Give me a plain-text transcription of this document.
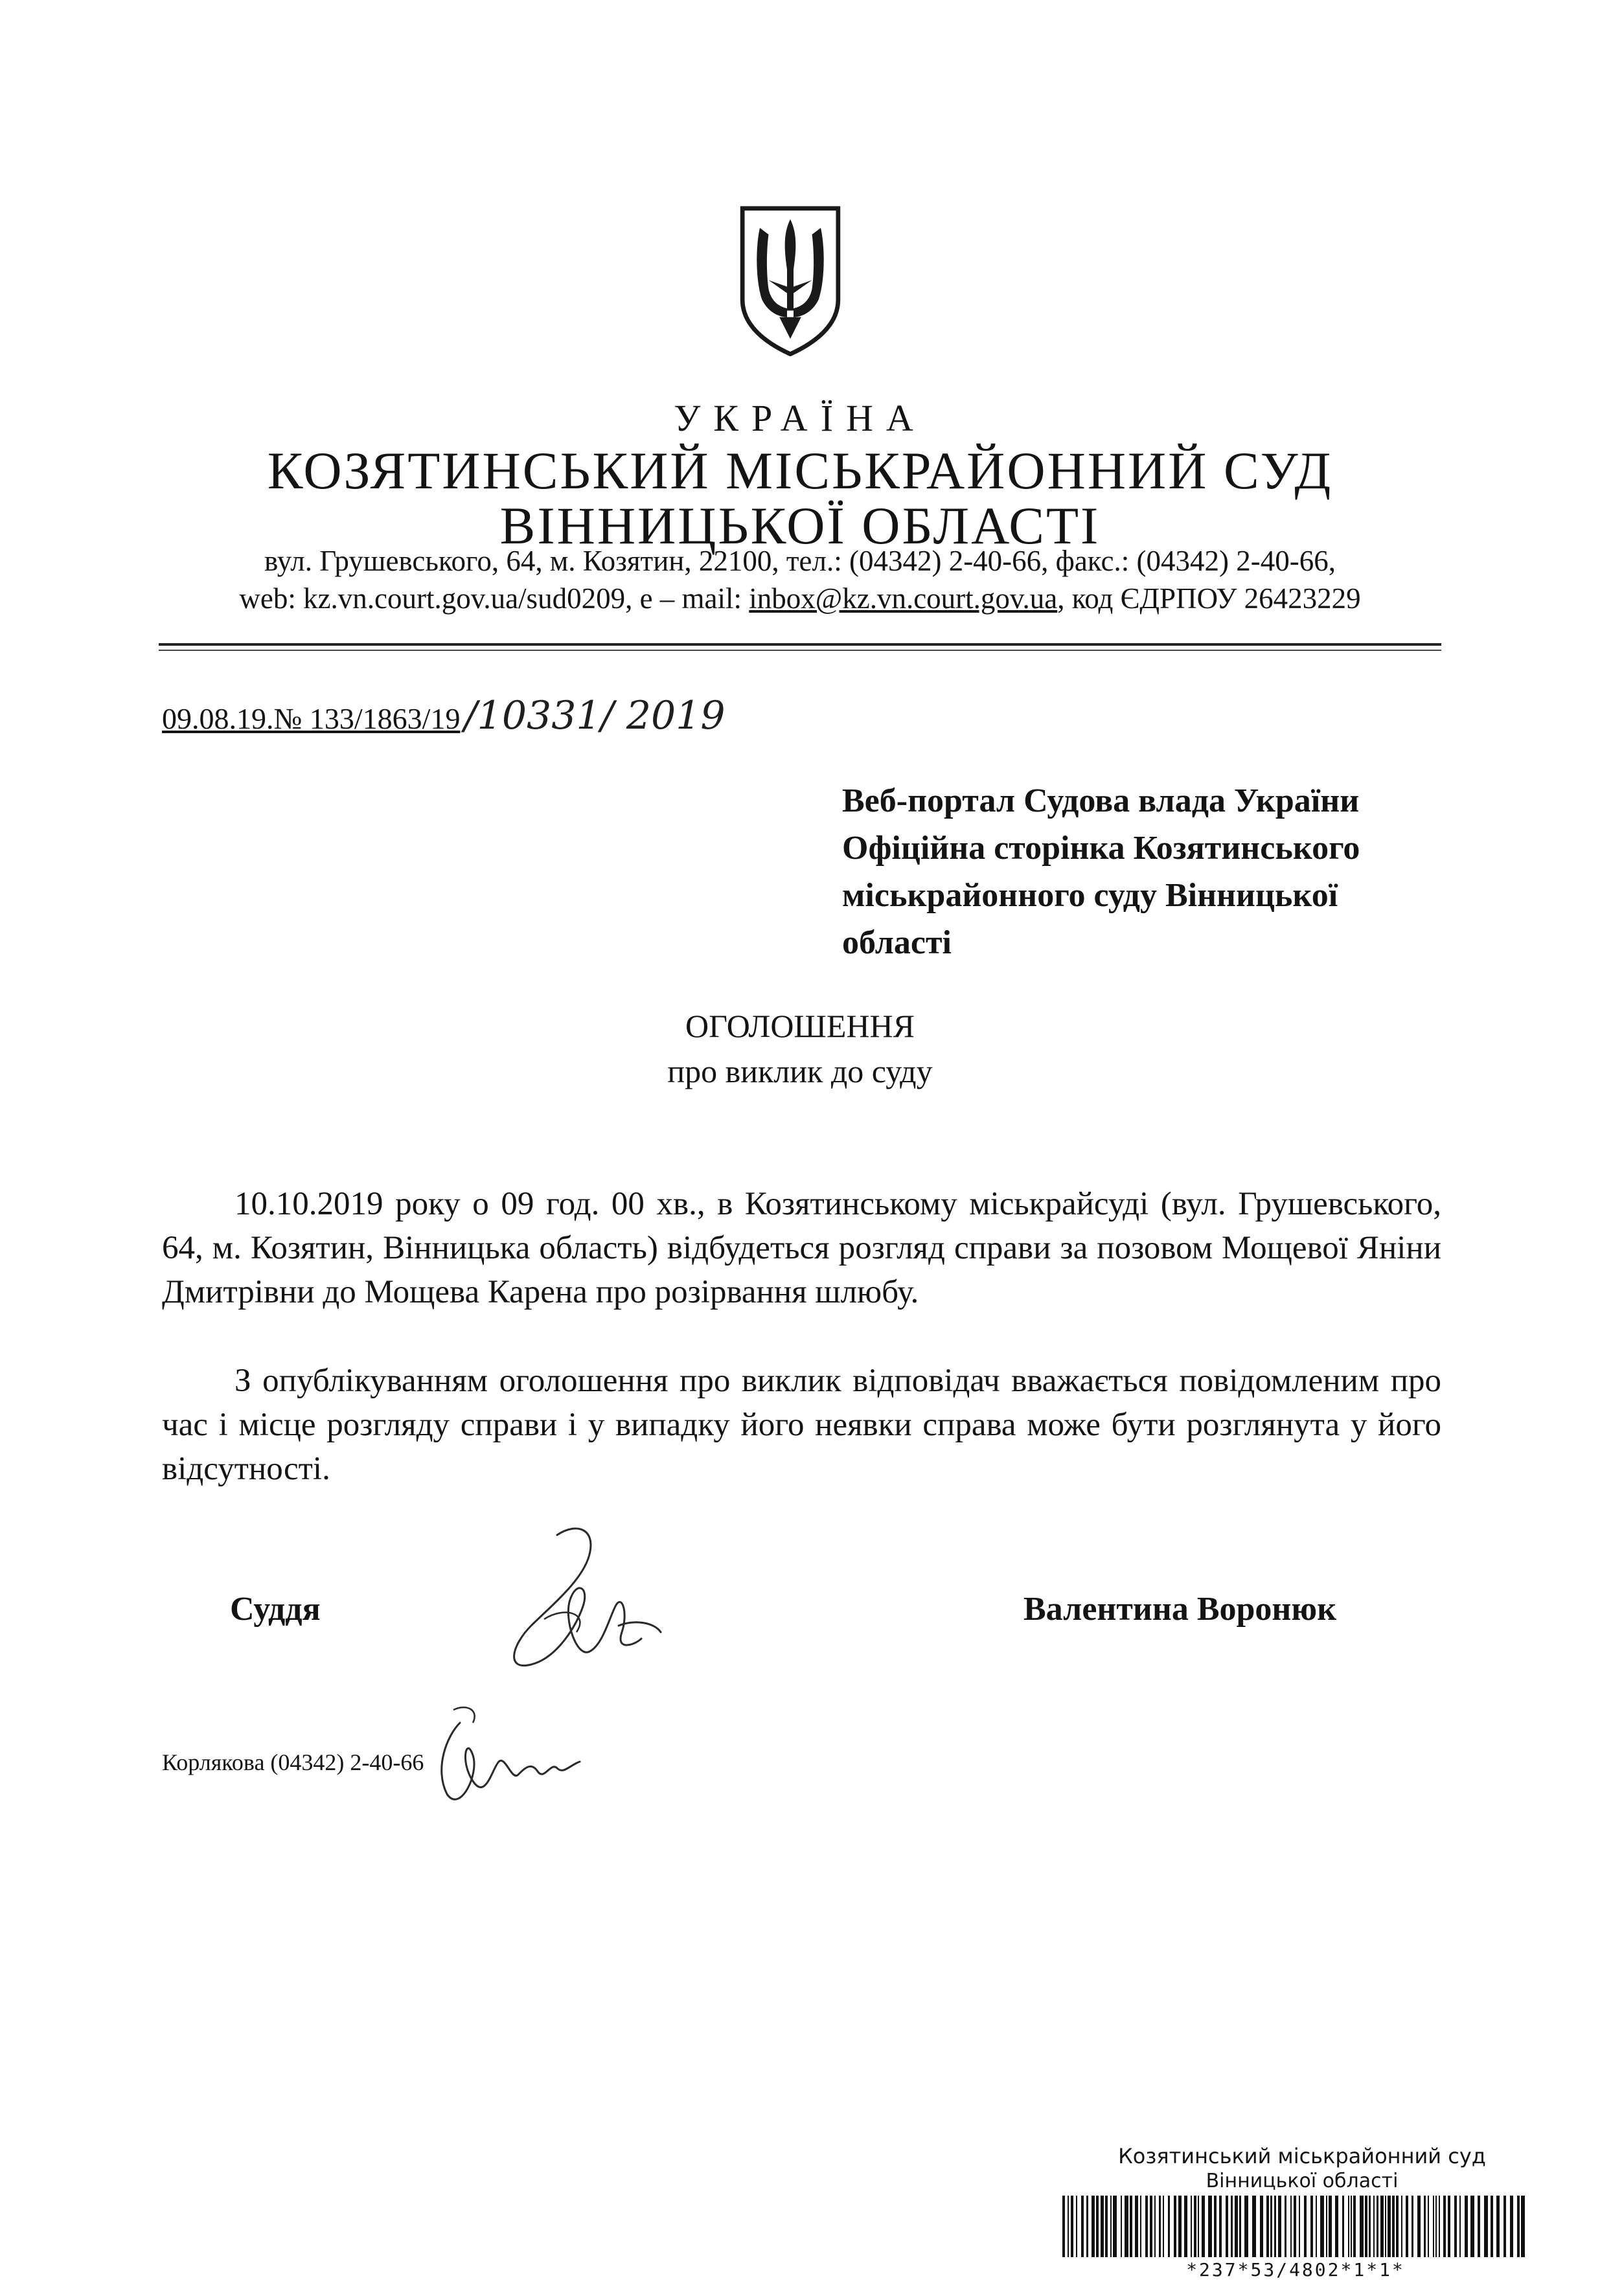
УКРАЇНА
КОЗЯТИНСЬКИЙ МІСЬКРАЙОННИЙ СУД
ВІННИЦЬКОЇ ОБЛАСТІ
вул. Грушевського, 64, м. Козятин, 22100, тел.: (04342) 2-40-66, факс.: (04342) 2-40-66,
web: kz.vn.court.gov.ua/sud0209, е – mail: inbox@kz.vn.court.gov.ua, код ЄДРПОУ 26423229
09.08.19.№ 133/1863/19 /10331/ 2019
Веб-портал Судова влада України
Офіційна сторінка Козятинського
міськрайонного суду Вінницької
області
ОГОЛОШЕННЯ
про виклик до суду
10.10.2019 року о 09 год. 00 хв., в Козятинському міськрайсуді (вул. Грушевського, 64, м. Козятин, Вінницька область) відбудеться розгляд справи за позовом Мощевої Яніни Дмитрівни до Мощева Карена про розірвання шлюбу.
З опублікуванням оголошення про виклик відповідач вважається повідомленим про час і місце розгляду справи і у випадку його неявки справа може бути розглянута у його відсутності.
Суддя	Валентина Воронюк
Корлякова (04342) 2-40-66
Козятинський міськрайонний суд
Вінницької області
*237*53/4802*1*1*
